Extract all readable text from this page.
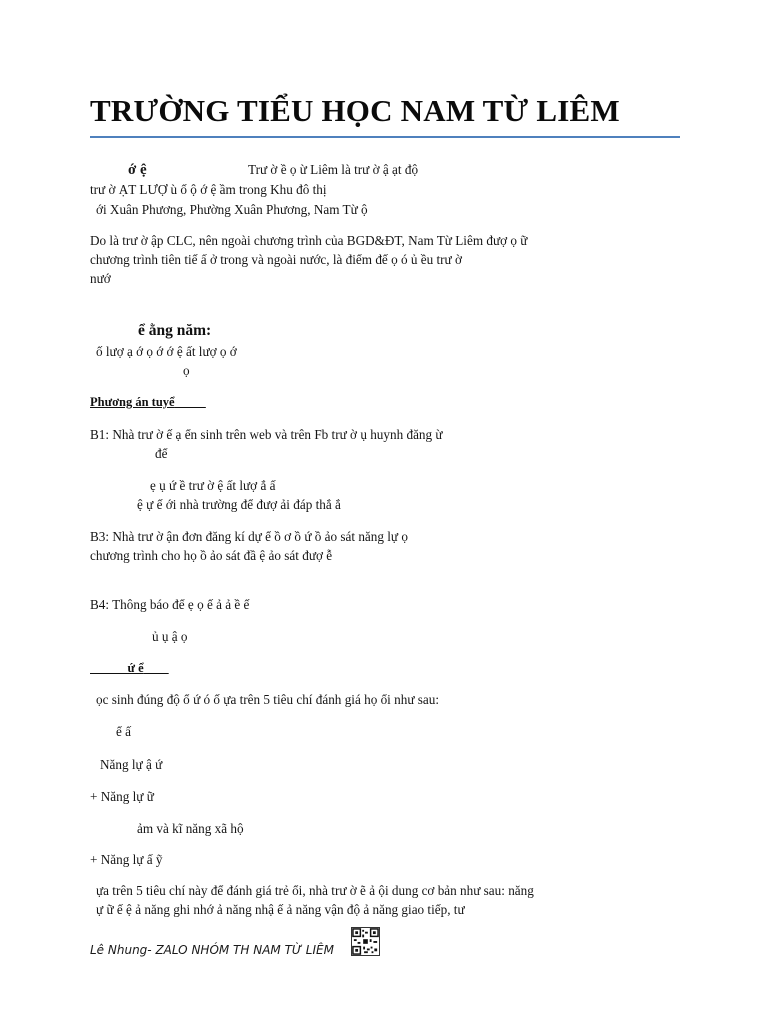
TRƯỜNG TIỂU HỌC NAM TỪ LIÊM
ớ ệ	Trư ờ ề ọ ừ Liêm là trư ờ ậ ạt độ
trư ờ ẠT LƯỢ ù ố ộ ớ ệ ầm trong Khu đô thị
ới Xuân Phương, Phường Xuân Phương, Nam Từ ộ
Do là trư ờ ập CLC, nên ngoài chương trình của BGD&ĐT, Nam Từ Liêm đượ ọ ữ
chương trình tiên tiế ấ ở trong và ngoài nước, là điểm đế ọ ó ủ ều trư ờ
nướ
ể ằng năm:
ố lượ ạ ớ ọ ớ ớ ệ ất lượ ọ ớ
ọ
Phương án tuyể
B1: Nhà trư ờ ế ạ ển sinh trên web và trên Fb trư ờ ụ huynh đăng ừ
để
ẹ ụ ứ ề trư ờ ệ ất lượ ắ ấ
ệ ự ế ới nhà trường để đượ ải đáp thắ ắ
B3: Nhà trư ờ ận đơn đăng kí dự ể ồ ơ ồ ứ ồ ảo sát năng lự ọ
chương trình cho họ ồ ảo sát đầ ệ ảo sát đượ ễ
B4: Thông báo để ẹ ọ ế ả ả ề ế
ủ ụ ậ ọ
ứ ể
ọc sinh đúng độ ổ ứ ó ố ựa trên 5 tiêu chí đánh giá họ ổi như sau:
ể ấ
Năng lự ậ ứ
+ Năng lự ữ
ảm và kĩ năng xã hộ
+ Năng lự ấ ỹ
ựa trên 5 tiêu chí này để đánh giá trẻ ổi, nhà trư ờ ẽ ả ội dung cơ bản như sau: năng
ự ữ ế ệ ả năng ghi nhớ ả năng nhậ ế ả năng vận độ ả năng giao tiếp, tư
Lê Nhung- ZALO NHÓM TH NAM TỪ LIÊM
